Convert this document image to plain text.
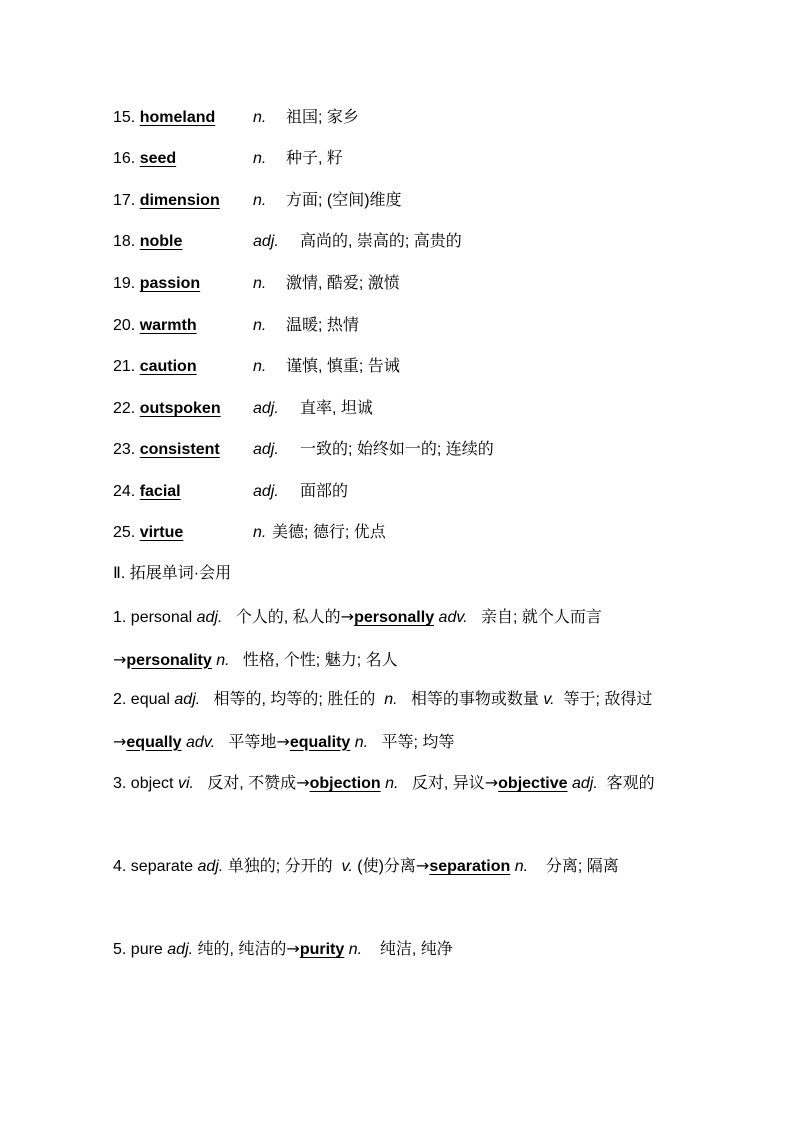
15. homeland n. 祖国; 家乡
16. seed	n. 种子, 籽
17. dimension n. 方面; (空间)维度
18. noble	adj. 高尚的, 崇高的; 高贵的
19. passion	n. 激情, 酷爱; 激愤
20. warmth	n. 温暖; 热情
21. caution	n. 谨慎, 慎重; 告诫
22. outspoken adj. 直率, 坦诚
23. consistent adj. 一致的; 始终如一的; 连续的
24. facial	adj. 面部的
25. virtue	n. 美德; 德行; 优点
Ⅱ. 拓展单词·会用
1. personal adj. 个人的, 私人的→personally adv. 亲自; 就个人而言
→personality n. 性格, 个性; 魅力; 名人
2. equal adj. 相等的, 均等的; 胜任的  n. 相等的事物或数量 v. 等于; 敌得过→equally adv. 平等地→equality n. 平等; 均等
3. object vi. 反对, 不赞成→objection n. 反对, 异议→objective adj. 客观的
4. separate adj. 单独的; 分开的  v. (使)分离→separation n. 分离; 隔离
5. pure adj. 纯的, 纯洁的→purity n. 纯洁, 纯净
